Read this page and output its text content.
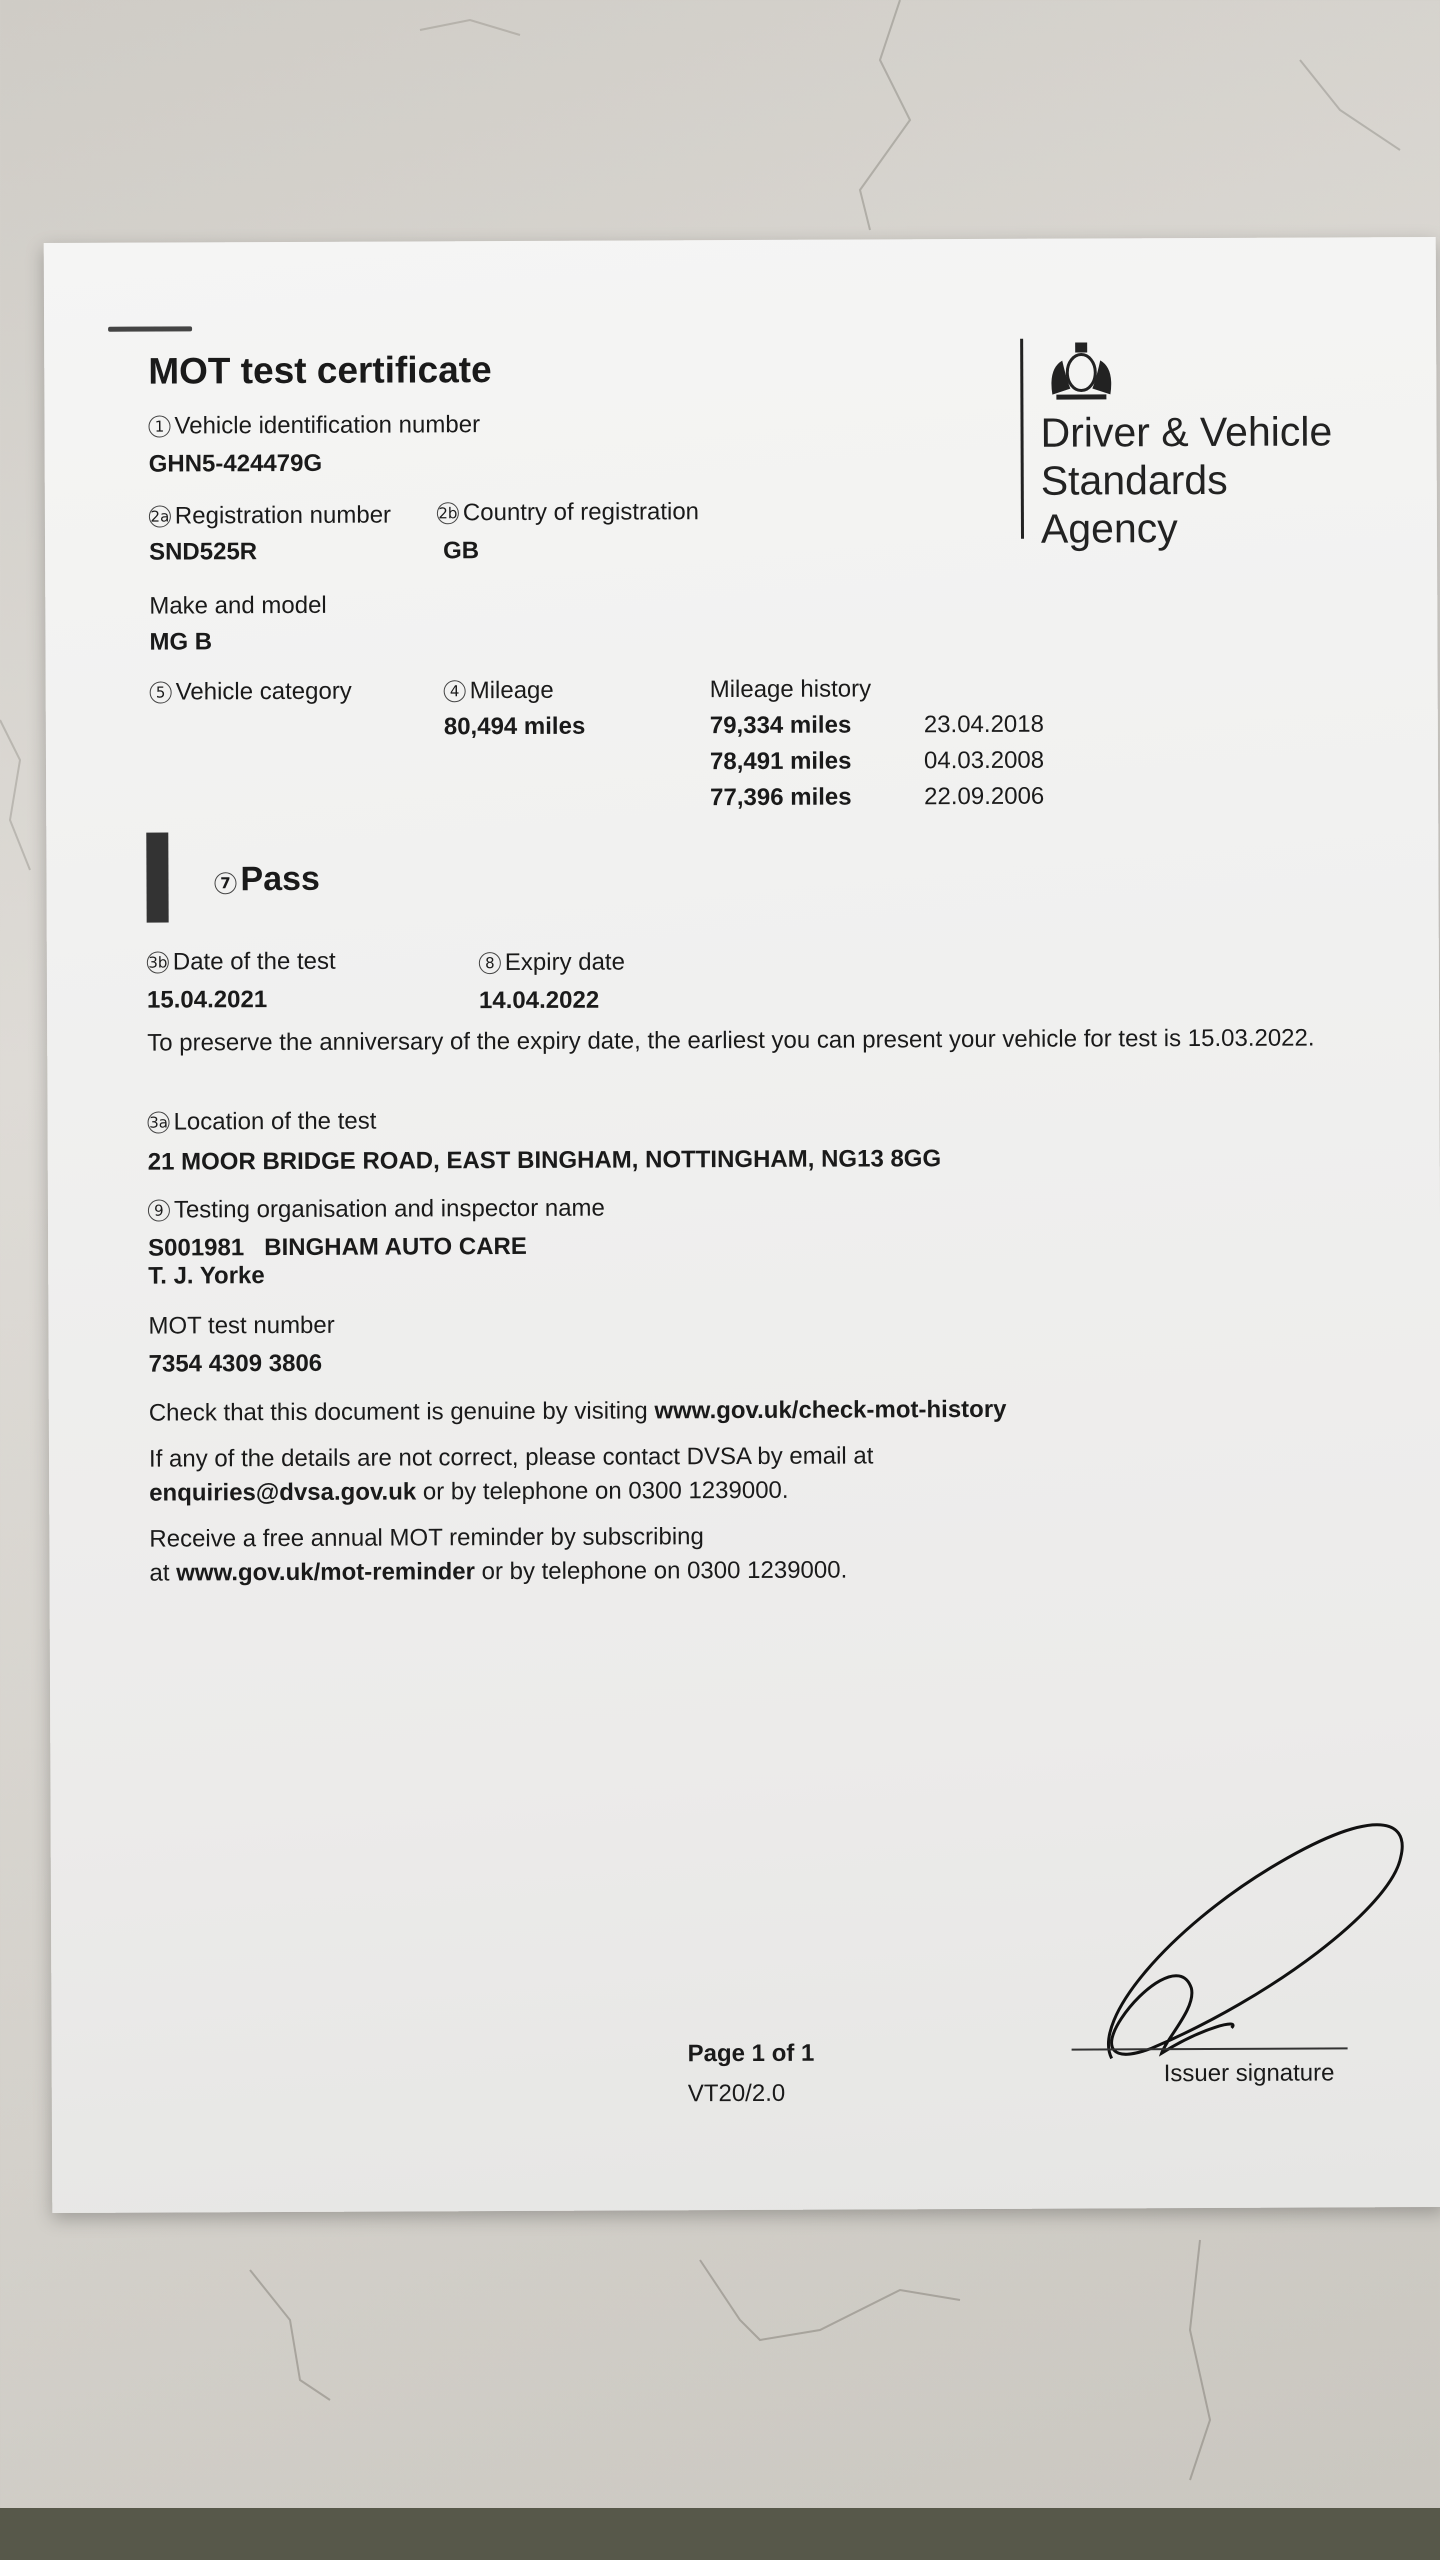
MOT test certificate
Driver & Vehicle
Standards
Agency
1 Vehicle identification number
GHN5-424479G
2a Registration number
SND525R
2b Country of registration
GB
Make and model
MG B
5 Vehicle category	4 Mileage
80,494 miles
Mileage history
79,334 miles	23.04.2018
78,491 miles	04.03.2008
77,396 miles	22.09.2006
7 Pass
3b Date of the test
15.04.2021
8 Expiry date
14.04.2022
To preserve the anniversary of the expiry date, the earliest you can present your vehicle for test is 15.03.2022.
3a Location of the test
21 MOOR BRIDGE ROAD, EAST BINGHAM, NOTTINGHAM, NG13 8GG
9 Testing organisation and inspector name
S001981 BINGHAM AUTO CARE
T. J. Yorke
MOT test number
7354 4309 3806
Check that this document is genuine by visiting www.gov.uk/check-mot-history
If any of the details are not correct, please contact DVSA by email at
enquiries@dvsa.gov.uk or by telephone on 0300 1239000.
Receive a free annual MOT reminder by subscribing
at www.gov.uk/mot-reminder or by telephone on 0300 1239000.
Issuer signature
Page 1 of 1
VT20/2.0
